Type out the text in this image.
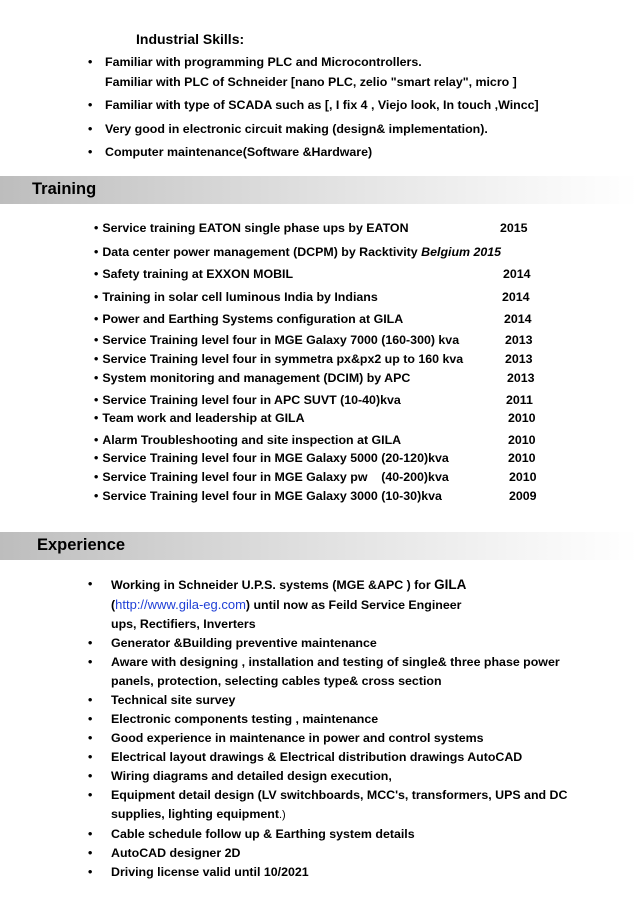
Industrial Skills:
• Familiar with programming PLC and Microcontrollers.
Familiar with PLC of Schneider [nano PLC, zelio "smart relay", micro ]
• Familiar with type of SCADA such as [, I fix 4 , Viejo look, In touch ,Wincc]
• Very good in electronic circuit making (design& implementation).
• Computer maintenance(Software &Hardware)
Training
• Service training EATON single phase ups by EATON	2015
• Data center power management (DCPM) by Racktivity Belgium 2015
• Safety training at EXXON MOBIL	2014
• Training in solar cell luminous India by Indians	2014
• Power and Earthing Systems configuration at GILA	2014
• Service Training level four in MGE Galaxy 7000 (160-300) kva	2013
• Service Training level four in symmetra px&px2 up to 160 kva	2013
• System monitoring and management (DCIM) by APC	2013
• Service Training level four in APC SUVT (10-40)kva	2011
• Team work and leadership at GILA	2010
• Alarm Troubleshooting and site inspection at GILA	2010
• Service Training level four in MGE Galaxy 5000 (20-120)kva	2010
• Service Training level four in MGE Galaxy pw    (40-200)kva	2010
• Service Training level four in MGE Galaxy 3000 (10-30)kva	2009
Experience
• Working in Schneider U.P.S. systems (MGE &APC ) for GILA
(http://www.gila-eg.com) until now as Feild Service Engineer
ups, Rectifiers, Inverters
• Generator &Building preventive maintenance
• Aware with designing , installation and testing of single& three phase power panels, protection, selecting cables type& cross section
• Technical site survey
• Electronic components testing , maintenance
• Good experience in maintenance in power and control systems
• Electrical layout drawings & Electrical distribution drawings AutoCAD
• Wiring diagrams and detailed design execution,
• Equipment detail design (LV switchboards, MCC's, transformers, UPS and DC supplies, lighting equipment.)
• Cable schedule follow up & Earthing system details
• AutoCAD designer 2D
• Driving license valid until 10/2021
